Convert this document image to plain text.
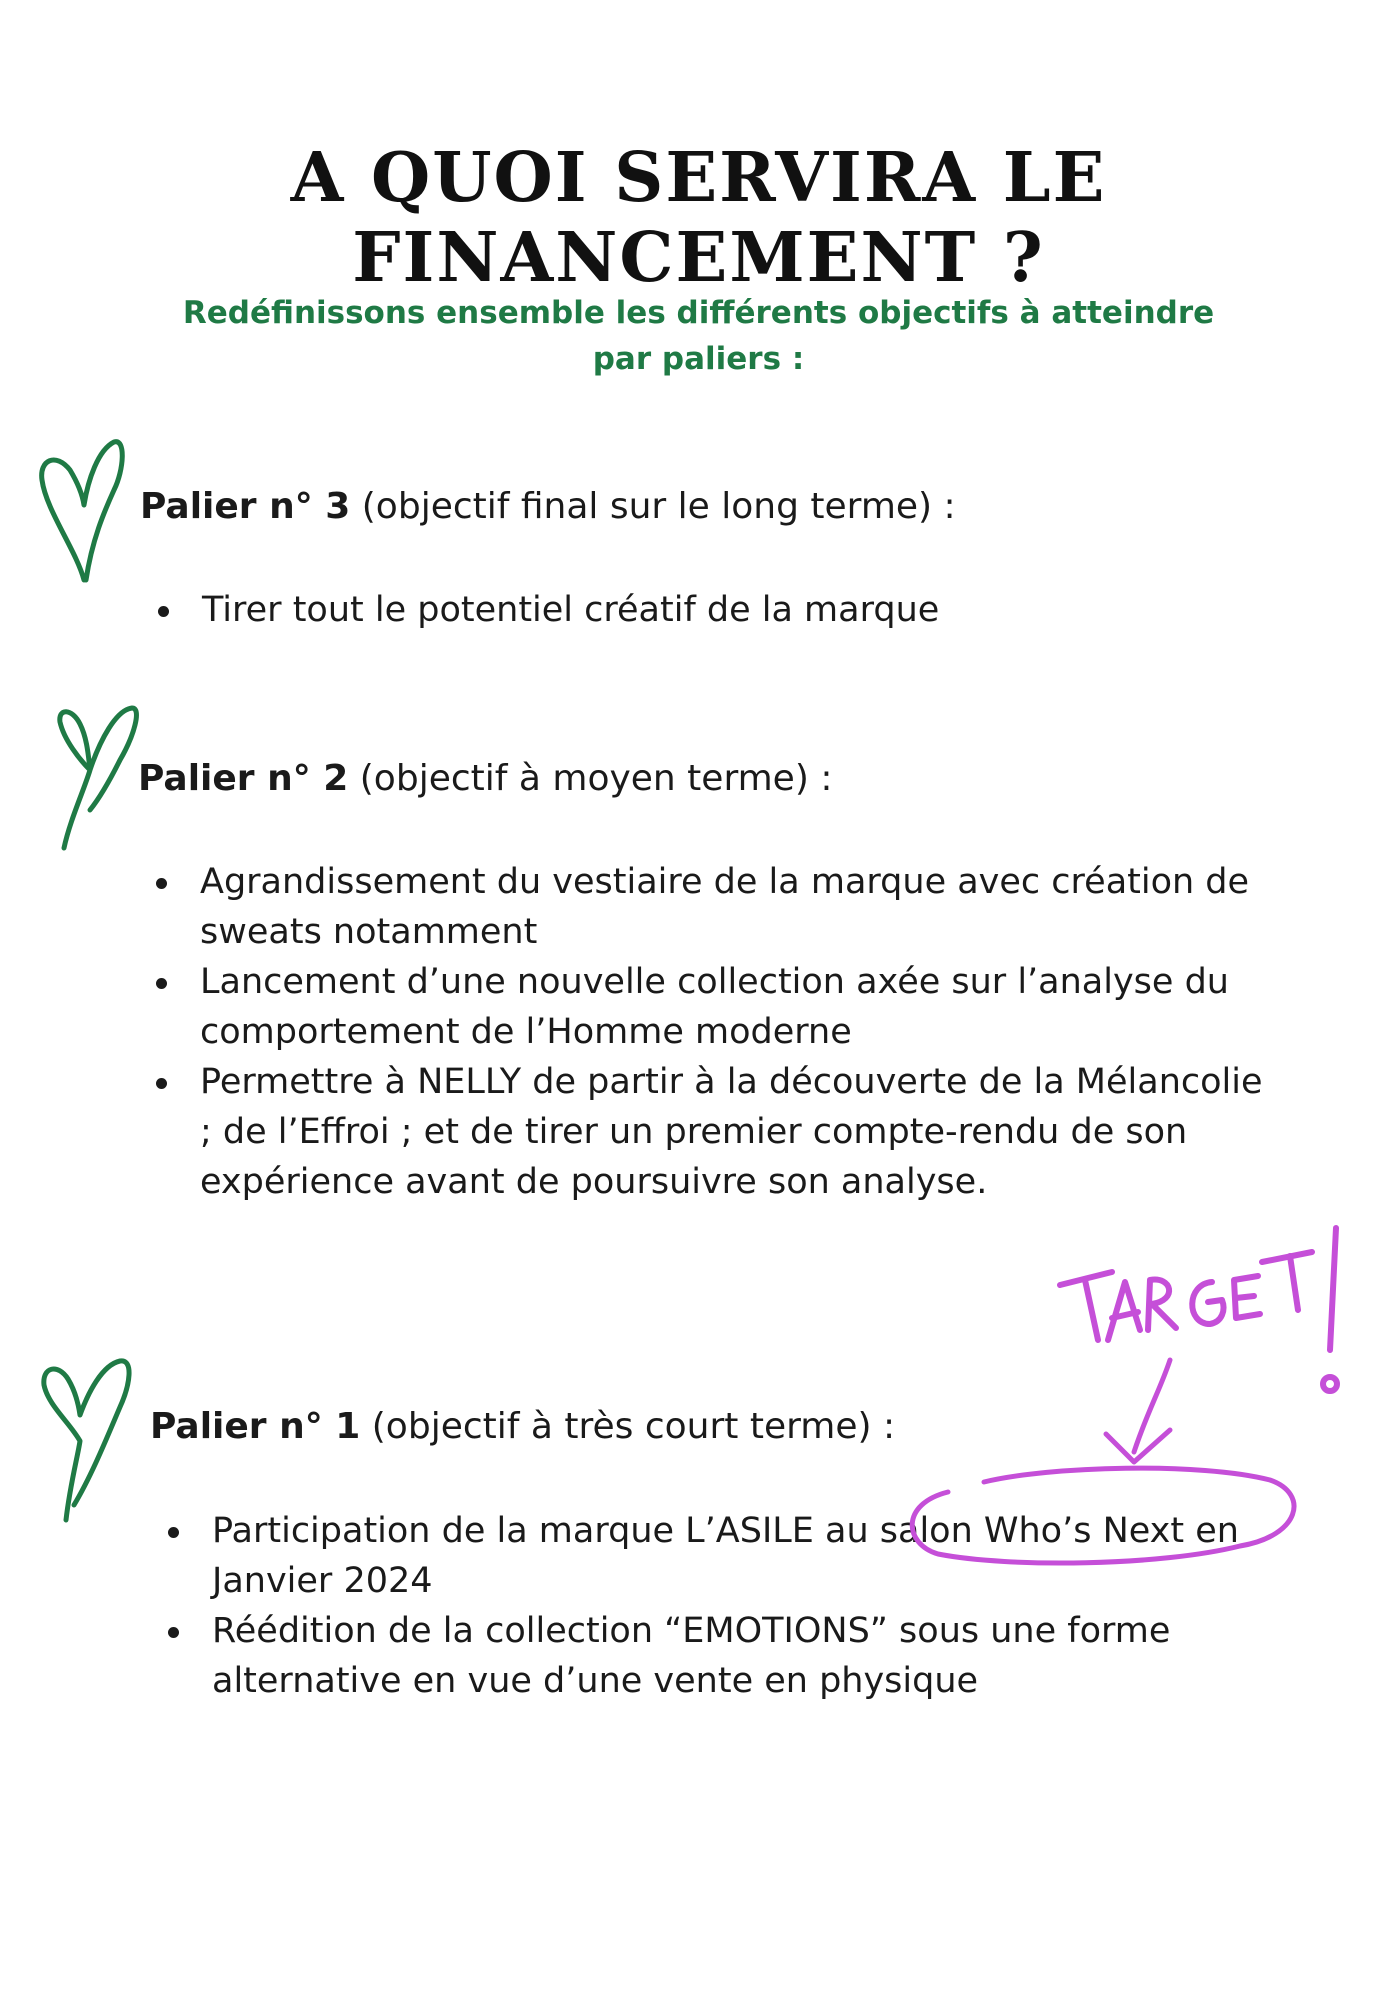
A QUOI SERVIRA LE FINANCEMENT ?

Redéfinissons ensemble les différents objectifs à atteindre
par paliers :

Palier n° 3 (objectif final sur le long terme) :
Tirer tout le potentiel créatif de la marque
Palier n° 2 (objectif à moyen terme) :
Agrandissement du vestiaire de la marque avec création de sweats notamment
Lancement d’une nouvelle collection axée sur l’analyse du comportement de l’Homme moderne
Permettre à NELLY de partir à la découverte de la Mélancolie ; de l’Effroi ; et de tirer un premier compte-rendu de son expérience avant de poursuivre son analyse.
Palier n° 1 (objectif à très court terme) :
Participation de la marque L’ASILE au salon Who’s Next en Janvier 2024
Réédition de la collection “EMOTIONS” sous une forme alternative en vue d’une vente en physique
